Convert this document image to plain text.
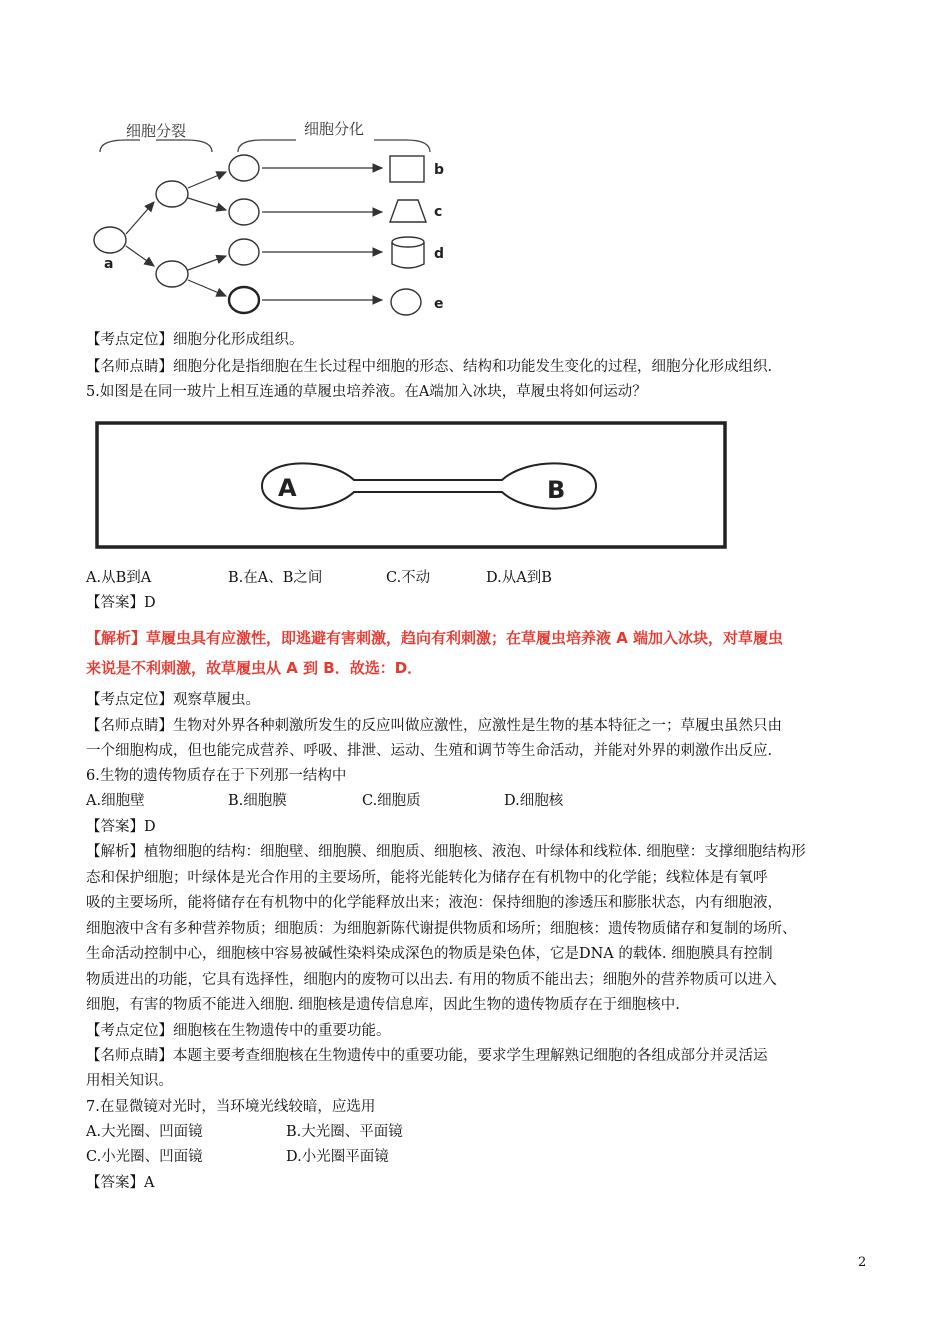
细胞分裂	细胞分化
a
b
c
d
e
【考点定位】细胞分化形成组织。
【名师点睛】细胞分化是指细胞在生长过程中细胞的形态、结构和功能发生变化的过程，细胞分化形成组织.
5.如图是在同一玻片上相互连通的草履虫培养液。在A端加入冰块，草履虫将如何运动？
A	B
A.从B到A	B.在A、B之间	C.不动	D.从A到B
【答案】D
【解析】草履虫具有应激性，即逃避有害刺激，趋向有利刺激；在草履虫培养液 A 端加入冰块，对草履虫
来说是不利刺激，故草履虫从 A 到 B．故选：D．
【考点定位】观察草履虫。
【名师点睛】生物对外界各种刺激所发生的反应叫做应激性，应激性是生物的基本特征之一；草履虫虽然只由
一个细胞构成，但也能完成营养、呼吸、排泄、运动、生殖和调节等生命活动，并能对外界的刺激作出反应.
6.生物的遗传物质存在于下列那一结构中
A.细胞壁	B.细胞膜	C.细胞质	D.细胞核
【答案】D
【解析】植物细胞的结构：细胞壁、细胞膜、细胞质、细胞核、液泡、叶绿体和线粒体. 细胞壁：支撑细胞结构形
态和保护细胞；叶绿体是光合作用的主要场所，能将光能转化为储存在有机物中的化学能；线粒体是有氧呼
吸的主要场所，能将储存在有机物中的化学能释放出来；液泡：保持细胞的渗透压和膨胀状态，内有细胞液，
细胞液中含有多种营养物质；细胞质：为细胞新陈代谢提供物质和场所；细胞核：遗传物质储存和复制的场所、
生命活动控制中心，细胞核中容易被碱性染料染成深色的物质是染色体，它是DNA 的载体. 细胞膜具有控制
物质进出的功能，它具有选择性，细胞内的废物可以出去. 有用的物质不能出去；细胞外的营养物质可以进入
细胞，有害的物质不能进入细胞. 细胞核是遗传信息库，因此生物的遗传物质存在于细胞核中.
【考点定位】细胞核在生物遗传中的重要功能。
【名师点睛】本题主要考查细胞核在生物遗传中的重要功能，要求学生理解熟记细胞的各组成部分并灵活运
用相关知识。
7.在显微镜对光时，当环境光线较暗，应选用
A.大光圈、凹面镜	B.大光圈、平面镜
C.小光圈、凹面镜	D.小光圈平面镜
【答案】A
2
